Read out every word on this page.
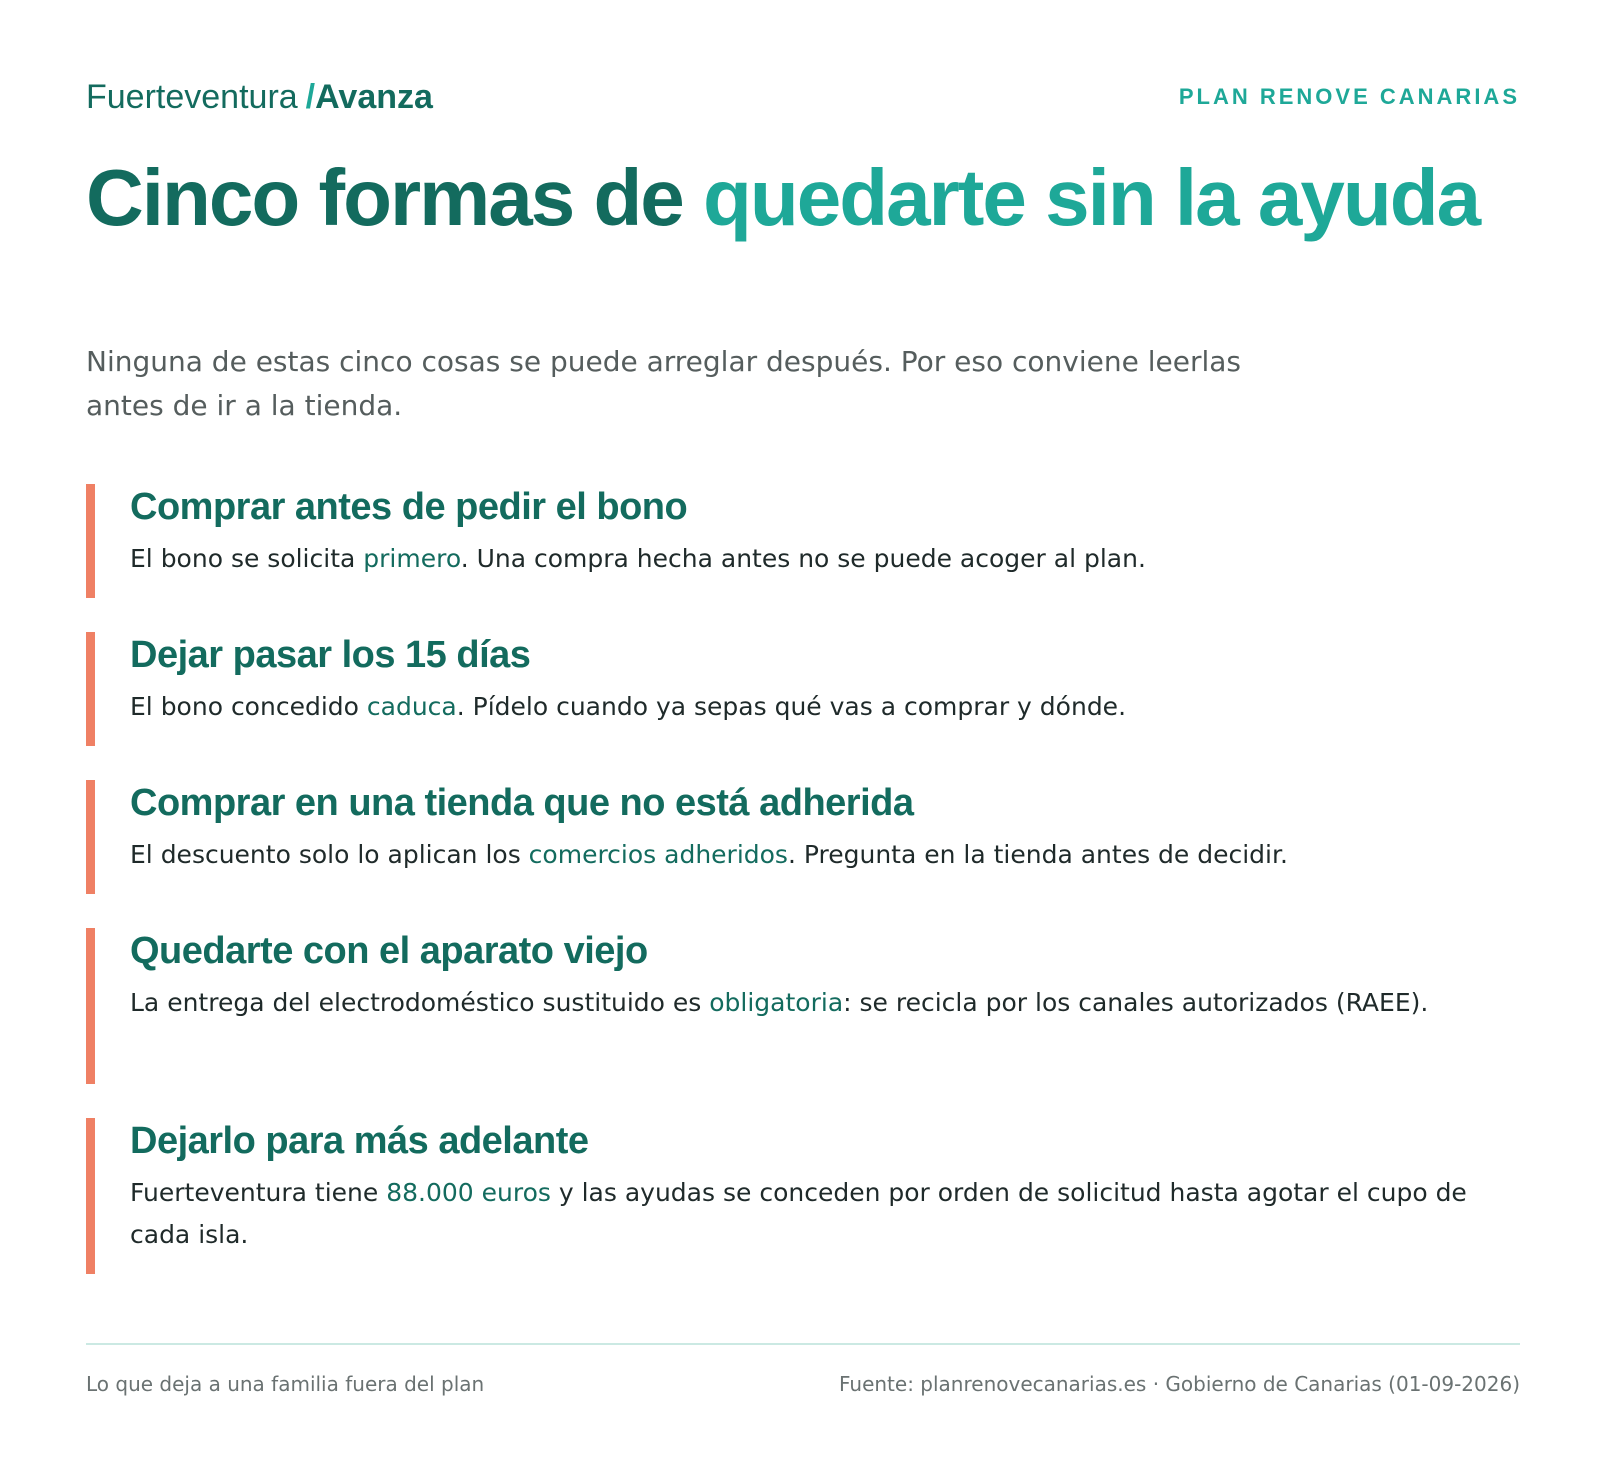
Fuerteventura /Avanza	PLAN RENOVE CANARIAS
Cinco formas de quedarte sin la ayuda

Ninguna de estas cinco cosas se puede arreglar después. Por eso conviene leerlas antes de ir a la tienda.

Comprar antes de pedir el bono

El bono se solicita primero. Una compra hecha antes no se puede acoger al plan.

Dejar pasar los 15 días

El bono concedido caduca. Pídelo cuando ya sepas qué vas a comprar y dónde.

Comprar en una tienda que no está adherida

El descuento solo lo aplican los comercios adheridos. Pregunta en la tienda antes de decidir.

Quedarte con el aparato viejo

La entrega del electrodoméstico sustituido es obligatoria: se recicla por los canales autorizados (RAEE).

Dejarlo para más adelante

Fuerteventura tiene 88.000 euros y las ayudas se conceden por orden de solicitud hasta agotar el cupo de cada isla.

Lo que deja a una familia fuera del plan	Fuente: planrenovecanarias.es · Gobierno de Canarias (01-09-2026)
